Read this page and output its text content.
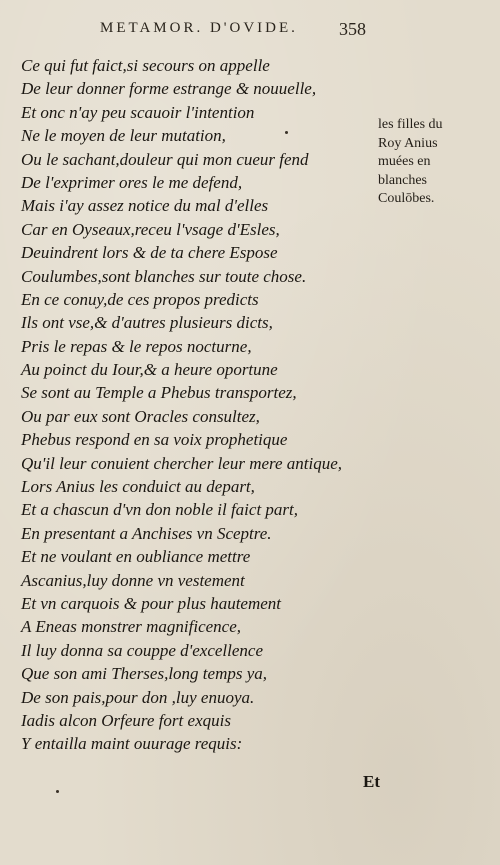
METAMOR. D'OVIDE. 358
Ce qui fut faict,si secours on appelle
De leur donner forme estrange & nouuelle,
Et onc n'ay peu scauoir l'intention
Ne le moyen de leur mutation,
Ou le sachant,douleur qui mon cueur fend
De l'exprimer ores le me defend,
Mais i'ay assez notice du mal d'elles
Car en Oyseaux,receu l'vsage d'Esles,
Deuindrent lors & de ta chere Espose
Coulumbes,sont blanches sur toute chose.
En ce conuy,de ces propos predicts
Ils ont vse,& d'autres plusieurs dicts,
Pris le repas & le repos nocturne,
Au poinct du Iour,& a heure oportune
Se sont au Temple a Phebus transportez,
Ou par eux sont Oracles consultez,
Phebus respond en sa voix prophetique
Qu'il leur conuient chercher leur mere antique,
Lors Anius les conduict au depart,
Et a chascun d'vn don noble il faict part,
En presentant a Anchises vn Sceptre.
Et ne voulant en oubliance mettre
Ascanius,luy donne vn vestement
Et vn carquois & pour plus hautement
A Eneas monstrer magnificence,
Il luy donna sa couppe d'excellence
Que son ami Therses,long temps ya,
De son pais,pour don ,luy enuoya.
Iadis alcon Orfeure fort exquis
Y entailla maint ouurage requis:
les filles du
Roy Anius
muées en
blanches
Coulōbes.
Et
